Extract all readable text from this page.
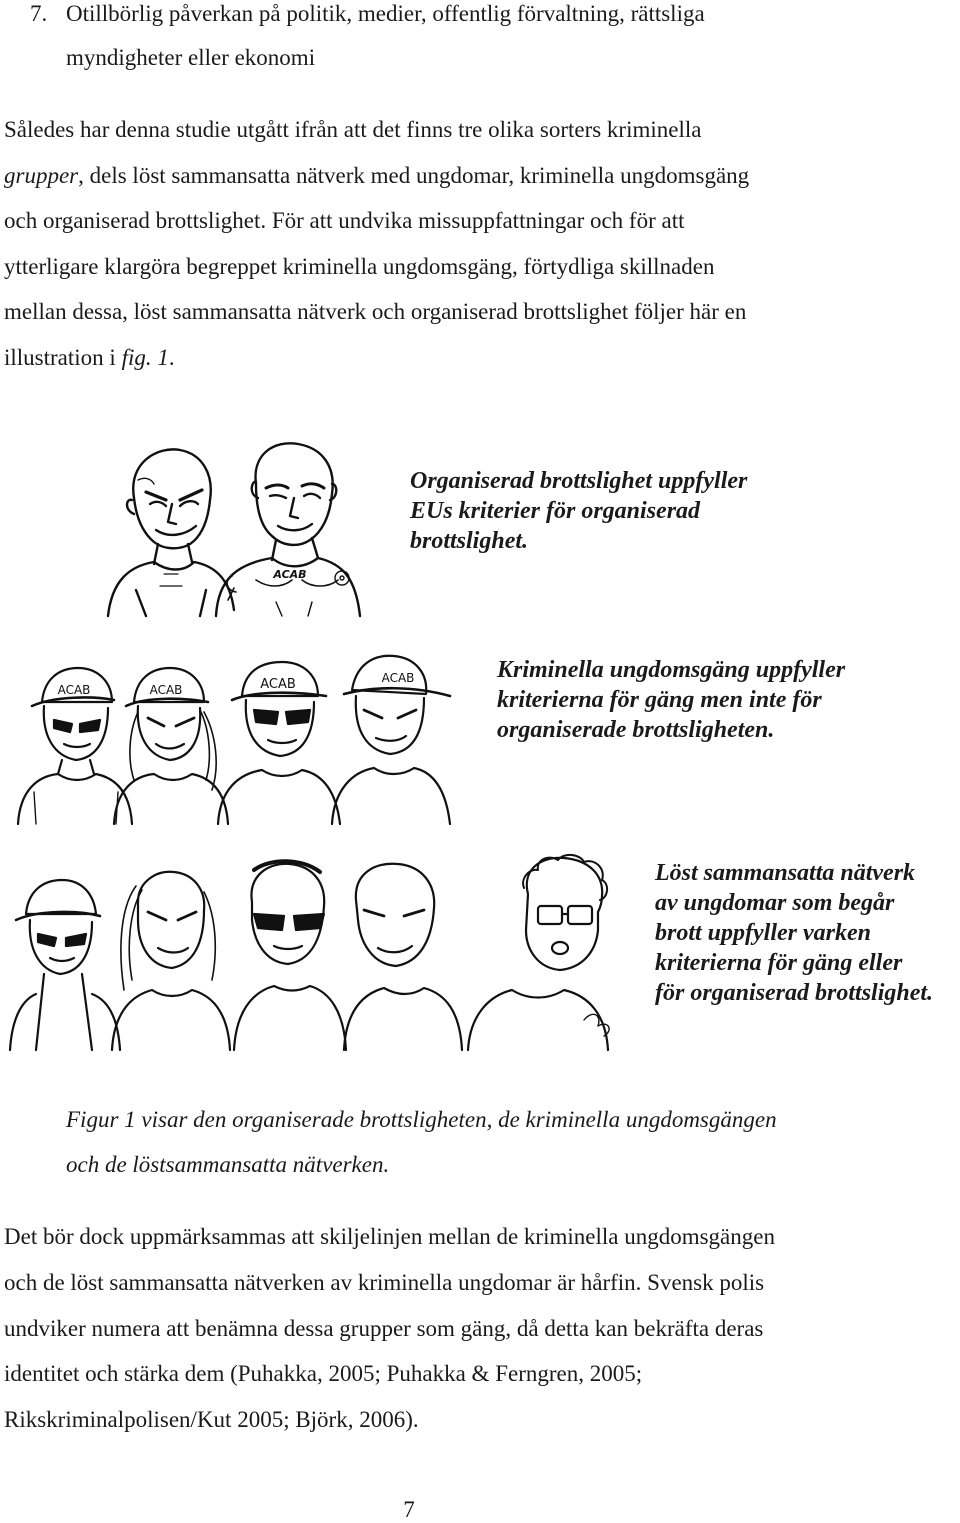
7. Otillbörlig påverkan på politik, medier, offentlig förvaltning, rättsliga
myndigheter eller ekonomi
Således har denna studie utgått ifrån att det finns tre olika sorters kriminella
grupper, dels löst sammansatta nätverk med ungdomar, kriminella ungdomsgäng
och organiserad brottslighet. För att undvika missuppfattningar och för att
ytterligare klargöra begreppet kriminella ungdomsgäng, förtydliga skillnaden
mellan dessa, löst sammansatta nätverk och organiserad brottslighet följer här en
illustration i fig. 1.
ACAB
Organiserad brottslighet uppfyller
EUs kriterier för organiserad
brottslighet.
ACAB	ACAB	ACAB	ACAB	Kriminella ungdomsgäng uppfyller
kriterierna för gäng men inte för
organiserade brottsligheten.
Löst sammansatta nätverk
av ungdomar som begår
brott uppfyller varken
kriterierna för gäng eller
för organiserad brottslighet.
Figur 1 visar den organiserade brottsligheten, de kriminella ungdomsgängen
och de löstsammansatta nätverken.
Det bör dock uppmärksammas att skiljelinjen mellan de kriminella ungdomsgängen
och de löst sammansatta nätverken av kriminella ungdomar är hårfin. Svensk polis
undviker numera att benämna dessa grupper som gäng, då detta kan bekräfta deras
identitet och stärka dem (Puhakka, 2005; Puhakka & Ferngren, 2005;
Rikskriminalpolisen/Kut 2005; Björk, 2006).
7
